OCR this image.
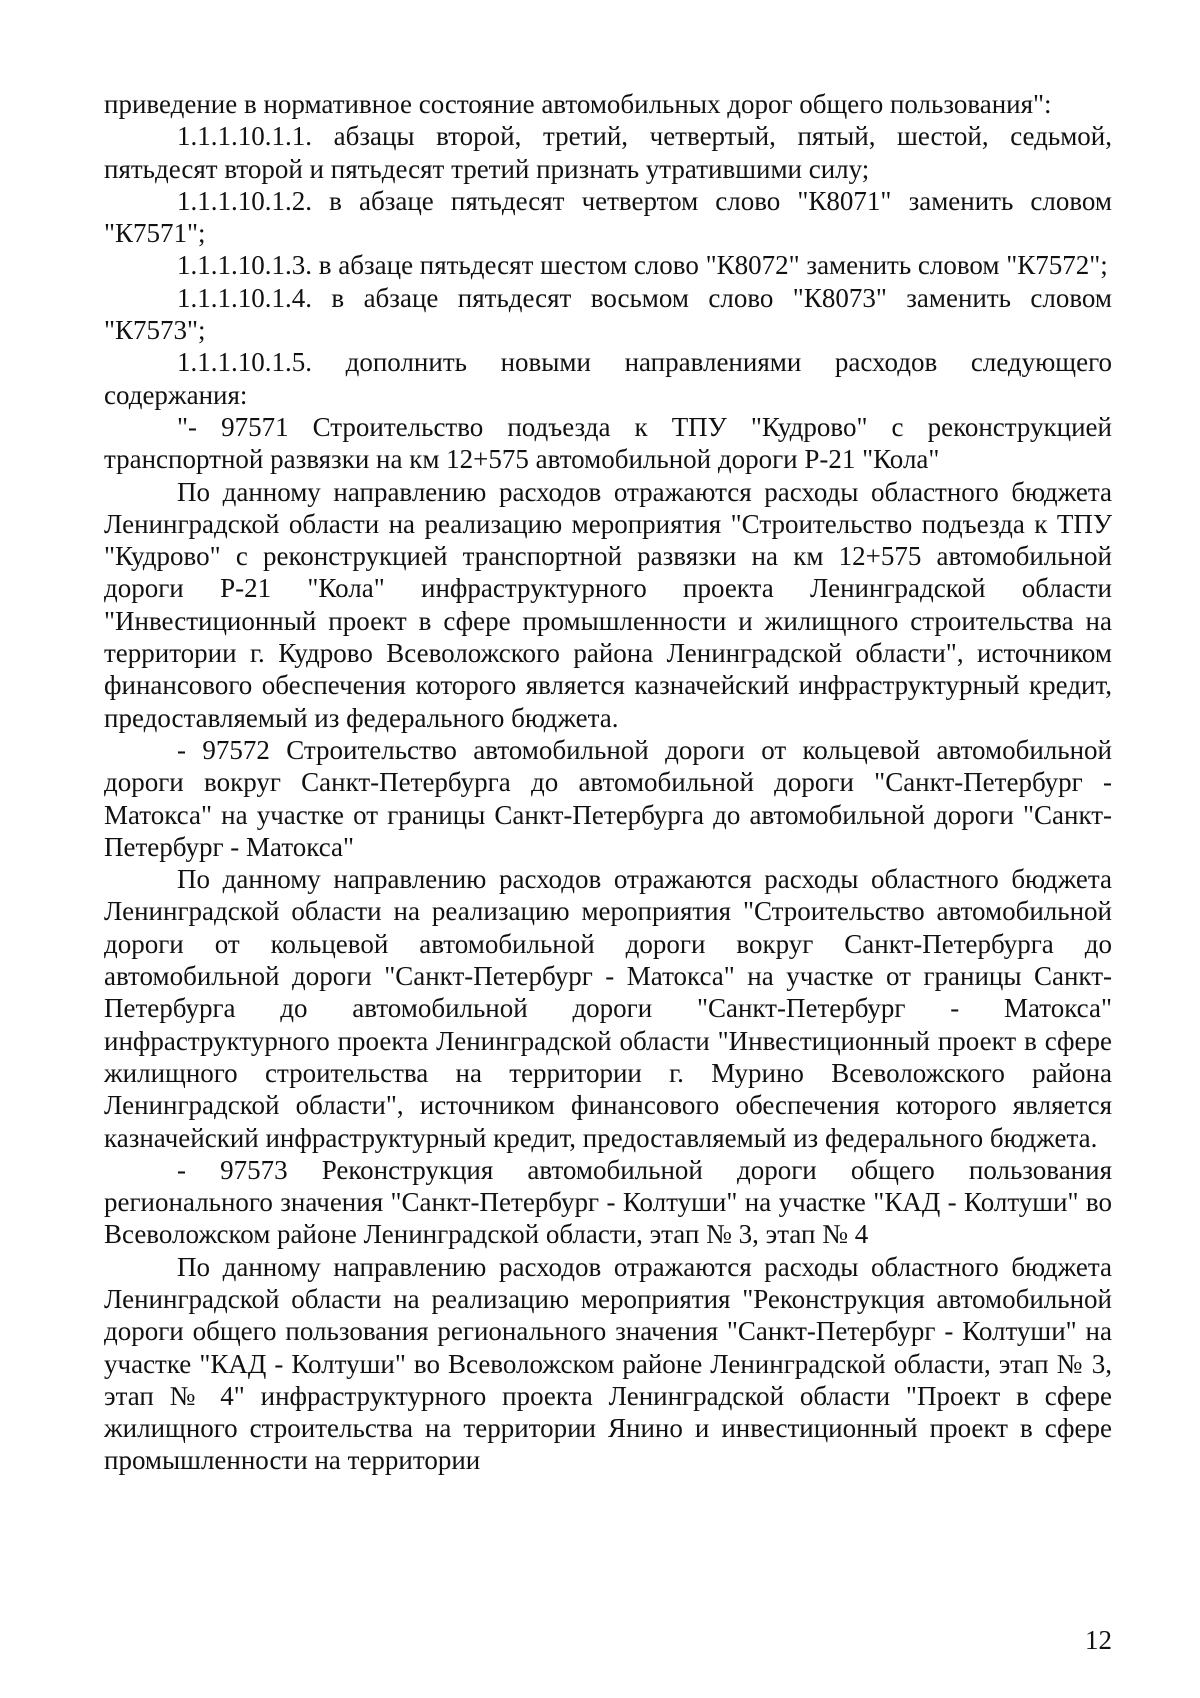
приведение в нормативное состояние автомобильных дорог общего пользования":

1.1.1.10.1.1. абзацы второй, третий, четвертый, пятый, шестой, седьмой, пятьдесят второй и пятьдесят третий признать утратившими силу;

1.1.1.10.1.2. в абзаце пятьдесят четвертом слово "К8071" заменить словом "К7571";

1.1.1.10.1.3. в абзаце пятьдесят шестом слово "К8072" заменить словом "К7572";

1.1.1.10.1.4. в абзаце пятьдесят восьмом слово "К8073" заменить словом "К7573";

1.1.1.10.1.5. дополнить новыми направлениями расходов следующего содержания:

"- 97571 Строительство подъезда к ТПУ "Кудрово" с реконструкцией транспортной развязки на км 12+575 автомобильной дороги Р-21 "Кола"

По данному направлению расходов отражаются расходы областного бюджета Ленинградской области на реализацию мероприятия "Строительство подъезда к ТПУ "Кудрово" с реконструкцией транспортной развязки на км 12+575 автомобильной дороги Р-21 "Кола" инфраструктурного проекта Ленинградской области "Инвестиционный проект в сфере промышленности и жилищного строительства на территории г. Кудрово Всеволожского района Ленинградской области", источником финансового обеспечения которого является казначейский инфраструктурный кредит, предоставляемый из федерального бюджета.

- 97572 Строительство автомобильной дороги от кольцевой автомобильной дороги вокруг Санкт-Петербурга до автомобильной дороги "Санкт-Петербург - Матокса" на участке от границы Санкт-Петербурга до автомобильной дороги "Санкт-Петербург - Матокса"

По данному направлению расходов отражаются расходы областного бюджета Ленинградской области на реализацию мероприятия "Строительство автомобильной дороги от кольцевой автомобильной дороги вокруг Санкт-Петербурга до автомобильной дороги "Санкт-Петербург - Матокса" на участке от границы Санкт-Петербурга до автомобильной дороги "Санкт-Петербург - Матокса" инфраструктурного проекта Ленинградской области "Инвестиционный проект в сфере жилищного строительства на территории г. Мурино Всеволожского района Ленинградской области", источником финансового обеспечения которого является казначейский инфраструктурный кредит, предоставляемый из федерального бюджета.

- 97573 Реконструкция автомобильной дороги общего пользования регионального значения "Санкт-Петербург - Колтуши" на участке "КАД - Колтуши" во Всеволожском районе Ленинградской области, этап № 3, этап № 4

По данному направлению расходов отражаются расходы областного бюджета Ленинградской области на реализацию мероприятия "Реконструкция автомобильной дороги общего пользования регионального значения "Санкт-Петербург - Колтуши" на участке "КАД - Колтуши" во Всеволожском районе Ленинградской области, этап № 3, этап № 4" инфраструктурного проекта Ленинградской области "Проект в сфере жилищного строительства на территории Янино и инвестиционный проект в сфере промышленности на территории

12
